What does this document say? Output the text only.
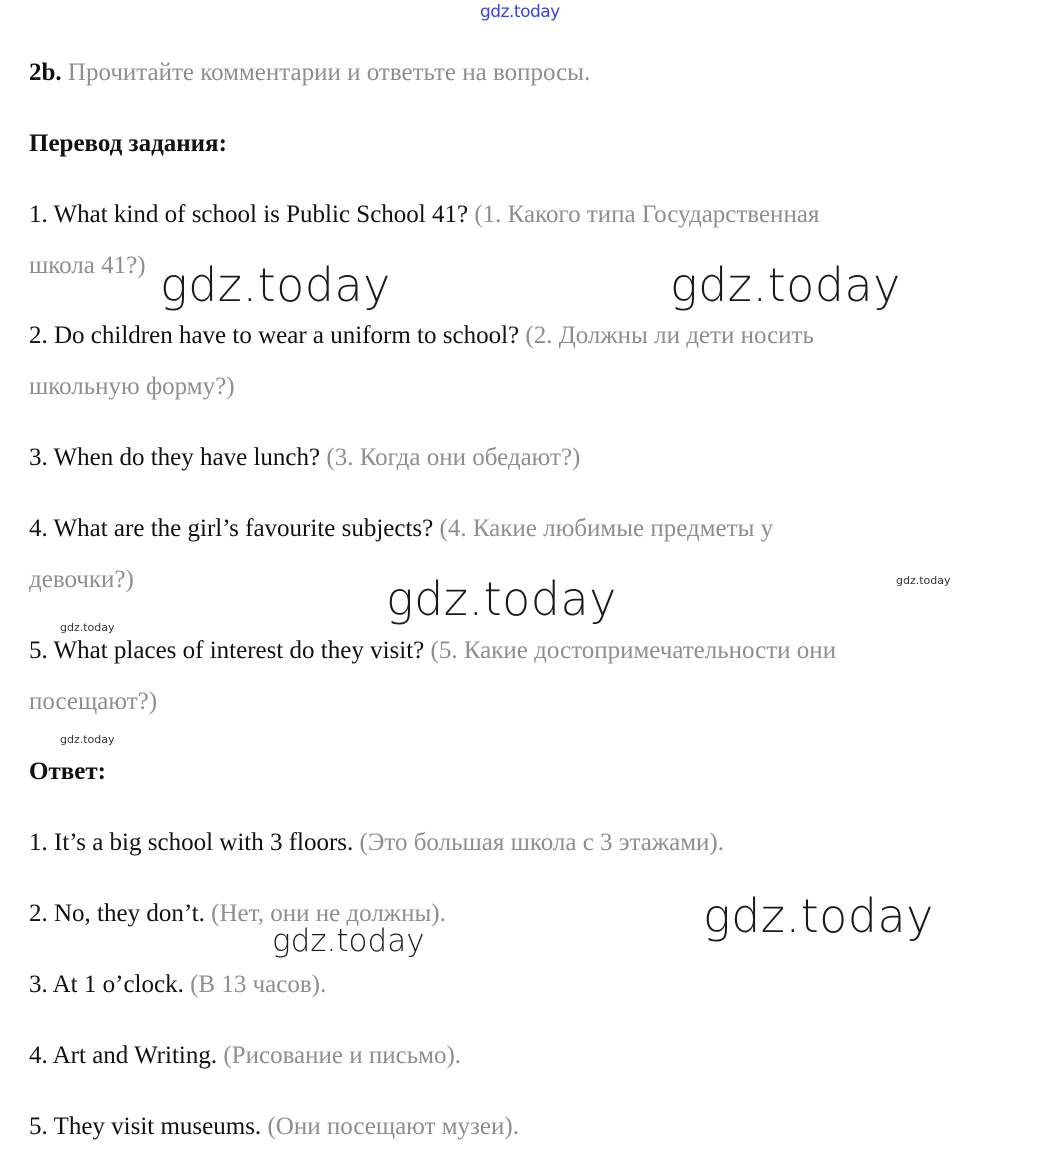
gdz.today
gdz.today	gdz.today
gdz.today
gdz.today
gdz.today
gdz.today
gdz.today
gdz.today
2b. Прочитайте комментарии и ответьте на вопросы.
Перевод задания:
1. What kind of school is Public School 41? (1. Какого типа Государственная
школа 41?)
2. Do children have to wear a uniform to school? (2. Должны ли дети носить
школьную форму?)
3. When do they have lunch? (3. Когда они обедают?)
4. What are the girl’s favourite subjects? (4. Какие любимые предметы у
девочки?)
5. What places of interest do they visit? (5. Какие достопримечательности они
посещают?)
Ответ:
1. It’s a big school with 3 floors. (Это большая школа с 3 этажами).
2. No, they don’t. (Нет, они не должны).
3. At 1 o’clock. (В 13 часов).
4. Art and Writing. (Рисование и письмо).
5. They visit museums. (Они посещают музеи).
